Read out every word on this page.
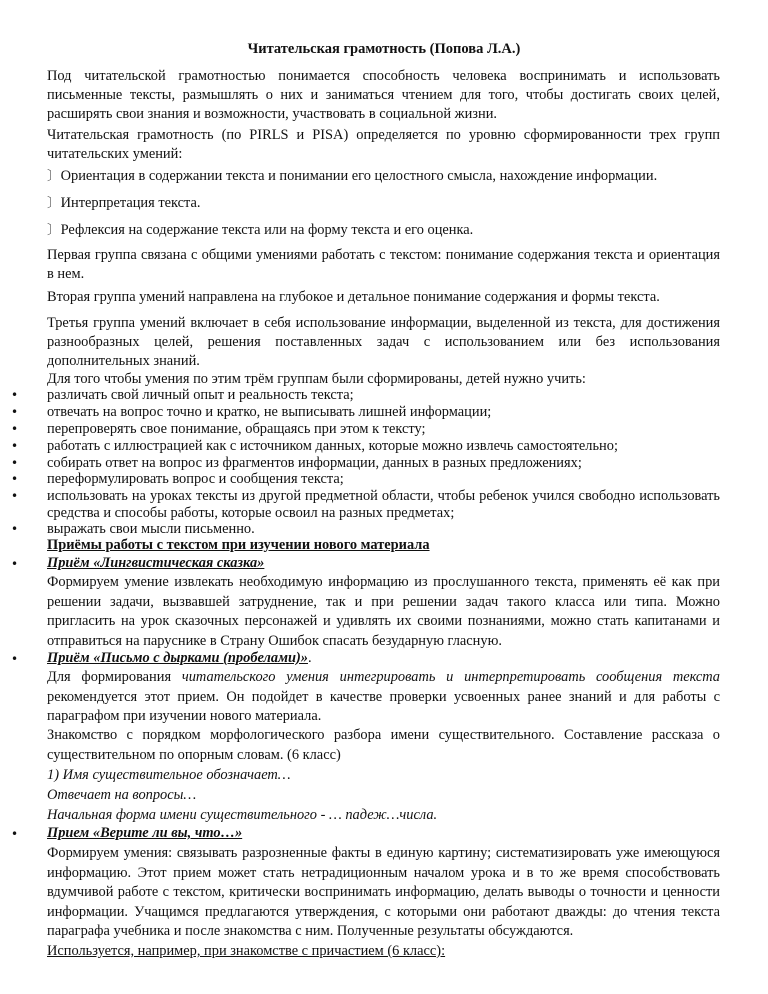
Читательская грамотность (Попова Л.А.)
Под читательской грамотностью понимается способность человека воспринимать и использовать письменные тексты, размышлять о них и заниматься чтением для того, чтобы достигать своих целей, расширять свои знания и возможности, участвовать в социальной жизни.
Читательская грамотность (по PIRLS и PISA) определяется по уровню сформированности трех групп читательских умений:
〕 Ориентация в содержании текста и понимании его целостного смысла, нахождение информации.
〕 Интерпретация текста.
〕 Рефлексия на содержание текста или на форму текста и его оценка.
Первая группа связана с общими умениями работать с текстом: понимание содержания текста и ориентация в нем.
Вторая группа умений направлена на глубокое и детальное понимание содержания и формы текста.
Третья группа умений включает в себя использование информации, выделенной из текста, для достижения разнообразных целей, решения поставленных задач с использованием или без использования дополнительных знаний.
Для того чтобы умения по этим трём группам были сформированы, детей нужно учить:
•
различать свой личный опыт и реальность текста;
•
отвечать на вопрос точно и кратко, не выписывать лишней информации;
•
перепроверять свое понимание, обращаясь при этом к тексту;
•
работать с иллюстрацией как с источником данных, которые можно извлечь самостоятельно;
•
собирать ответ на вопрос из фрагментов информации, данных в разных предложениях;
•
переформулировать вопрос и сообщения текста;
•
использовать на уроках тексты из другой предметной области, чтобы ребенок учился свободно использовать средства и способы работы, которые освоил на разных предметах;
•
выражать свои мысли письменно.
Приёмы работы с текстом при изучении нового материала
•
Приём «Лингвистическая сказка»
Формируем умение извлекать необходимую информацию из прослушанного текста, применять её как при решении задачи, вызвавшей затруднение, так и при решении задач такого класса или типа. Можно пригласить на урок сказочных персонажей и удивлять их своими познаниями, можно стать капитанами и отправиться на паруснике в Страну Ошибок спасать безударную гласную.
•
Приём «Письмо с дырками (пробелами)».
Для формирования читательского умения интегрировать и интерпретировать сообщения текста рекомендуется этот прием. Он подойдет в качестве проверки усвоенных ранее знаний и для работы с параграфом при изучении нового материала.
Знакомство с порядком морфологического разбора имени существительного. Составление рассказа о существительном по опорным словам. (6 класс)
1) Имя существительное обозначает…
Отвечает на вопросы…
Начальная форма имени существительного - … падеж…числа.
•
Прием «Верите ли вы, что…»
Формируем умения: связывать разрозненные факты в единую картину; систематизировать уже имеющуюся информацию. Этот прием может стать нетрадиционным началом урока и в то же время способствовать вдумчивой работе с текстом, критически воспринимать информацию, делать выводы о точности и ценности информации. Учащимся предлагаются утверждения, с которыми они работают дважды: до чтения текста параграфа учебника и после знакомства с ним. Полученные результаты обсуждаются.
Используется, например, при знакомстве с причастием (6 класс):
